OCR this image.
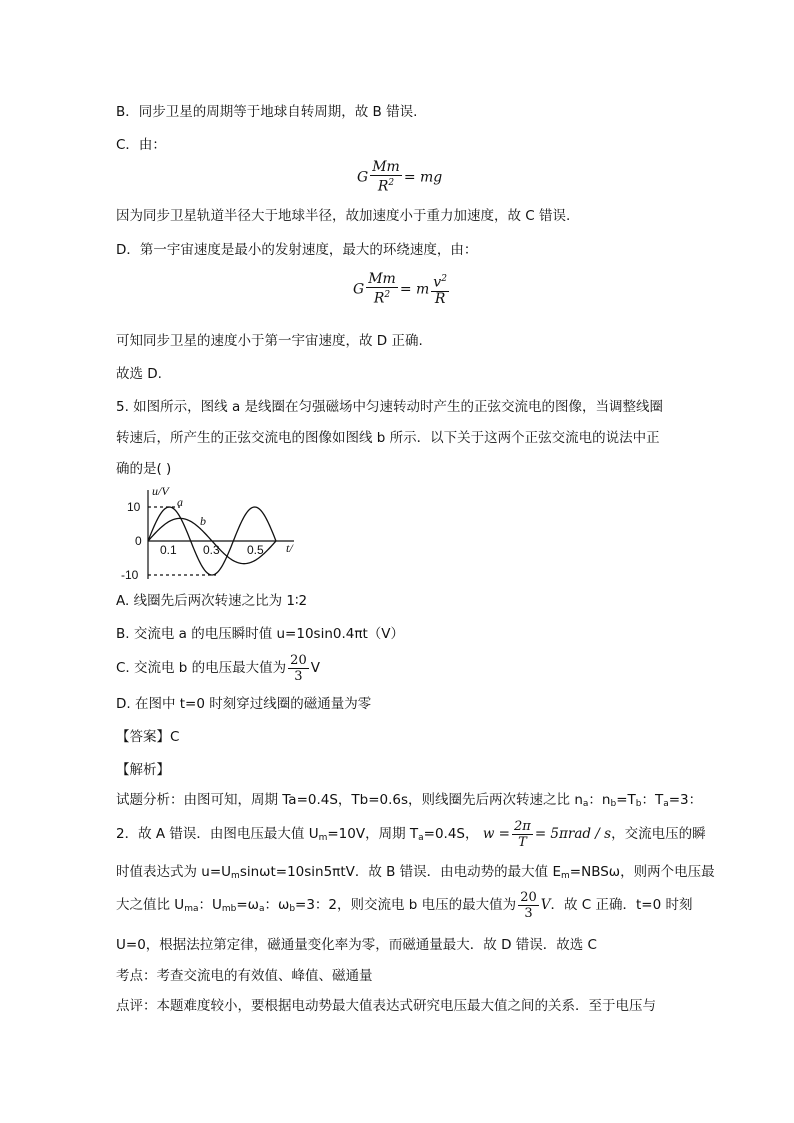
B．同步卫星的周期等于地球自转周期，故 B 错误.
C．由：
G $\frac{Mm}{R^2}$ = mg
因为同步卫星轨道半径大于地球半径，故加速度小于重力加速度，故 C 错误.
D．第一宇宙速度是最小的发射速度，最大的环绕速度，由：
G $\frac{Mm}{R^2} = m \frac{v^2}{R}$
可知同步卫星的速度小于第一宇宙速度，故 D 正确.
故选 D.
5. 如图所示，图线 a 是线圈在匀强磁场中匀速转动时产生的正弦交流电的图像，当调整线圈
转速后，所产生的正弦交流电的图像如图线 b 所示．以下关于这两个正弦交流电的说法中正
确的是( )
u/V
t/
10
0
-10
0.1 0.3 0.5
a
b
A. 线圈先后两次转速之比为 1∶2
B. 交流电 a 的电压瞬时值 u=10sin0.4πt（V）
C. 交流电 b 的电压最大值为 $\frac{20}{3}$ V
D. 在图中 t=0 时刻穿过线圈的磁通量为零
【答案】C
【解析】
试题分析：由图可知，周期 Ta=0.4S，Tb=0.6s，则线圈先后两次转速之比 $n_a$：$n_b=T_b$：$T_a=3$：
2．故 A 错误．由图电压最大值 $U_m=10V$，周期 $T_a=0.4S$， $w = \frac{2\pi}{T} = 5\pi rad / s$，交流电压的瞬
时值表达式为 $u=U_m\sin\omega t=10\sin 5\pi tV$．故 B 错误．由电动势的最大值 $E_m=NBS\omega$，则两个电压最
大之值比 $U_{ma}$：$U_{mb}=\omega_a$：$\omega_b=3$：2，则交流电 b 电压的最大值为 $\frac{20}{3}$ V．故 C 正确．t=0 时刻
U=0，根据法拉第定律，磁通量变化率为零，而磁通量最大．故 D 错误．故选 C
考点：考查交流电的有效值、峰值、磁通量
点评：本题难度较小，要根据电动势最大值表达式研究电压最大值之间的关系．至于电压与
